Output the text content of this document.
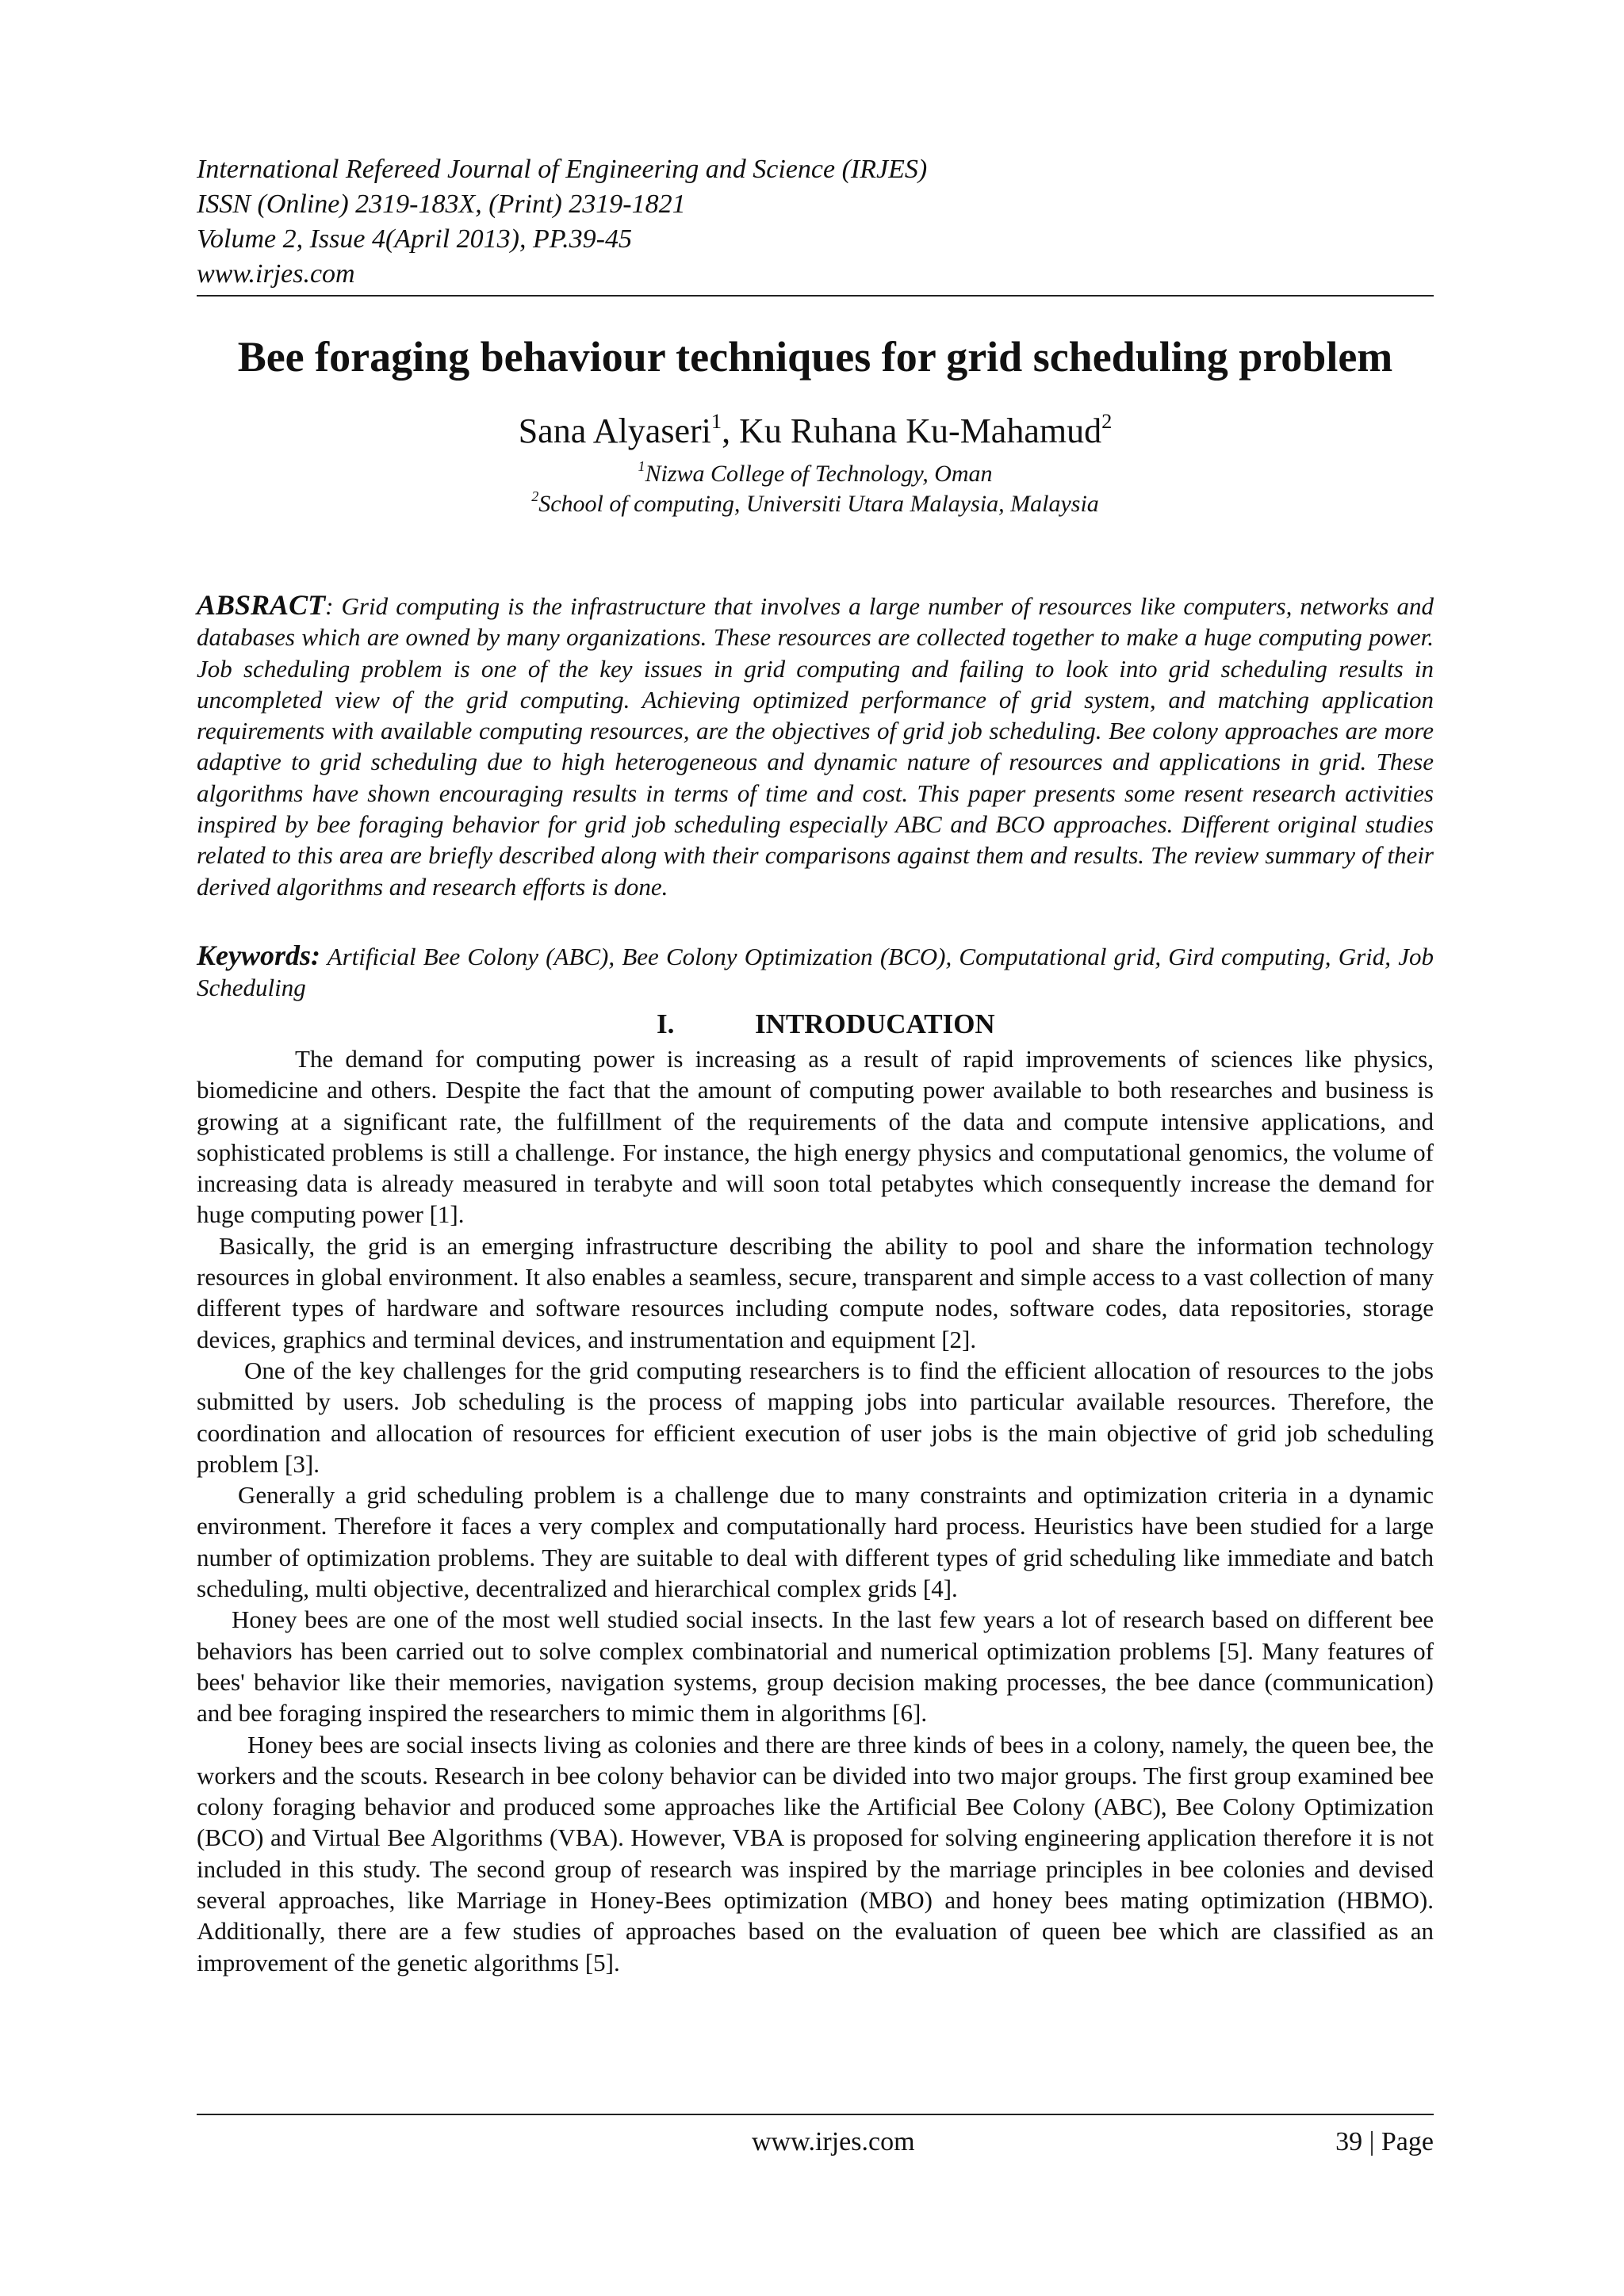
International Refereed Journal of Engineering and Science (IRJES)
ISSN (Online) 2319-183X, (Print) 2319-1821
Volume 2, Issue 4(April 2013), PP.39-45
www.irjes.com
Bee foraging behaviour techniques for grid scheduling problem
Sana Alyaseri$^1$, Ku Ruhana Ku-Mahamud$^2$
$^1$Nizwa College of Technology, Oman
$^2$School of computing, Universiti Utara Malaysia, Malaysia
ABSRACT: Grid computing is the infrastructure that involves a large number of resources like computers, networks and databases which are owned by many organizations. These resources are collected together to make a huge computing power. Job scheduling problem is one of the key issues in grid computing and failing to look into grid scheduling results in uncompleted view of the grid computing. Achieving optimized performance of grid system, and matching application requirements with available computing resources, are the objectives of grid job scheduling. Bee colony approaches are more adaptive to grid scheduling due to high heterogeneous and dynamic nature of resources and applications in grid. These algorithms have shown encouraging results in terms of time and cost. This paper presents some resent research activities inspired by bee foraging behavior for grid job scheduling especially ABC and BCO approaches. Different original studies related to this area are briefly described along with their comparisons against them and results. The review summary of their derived algorithms and research efforts is done.
Keywords: Artificial Bee Colony (ABC), Bee Colony Optimization (BCO), Computational grid, Gird computing, Grid, Job Scheduling
I.	INTRODUCATION

The demand for computing power is increasing as a result of rapid improvements of sciences like physics, biomedicine and others. Despite the fact that the amount of computing power available to both researches and business is growing at a significant rate, the fulfillment of the requirements of the data and compute intensive applications, and sophisticated problems is still a challenge. For instance, the high energy physics and computational genomics, the volume of increasing data is already measured in terabyte and will soon total petabytes which consequently increase the demand for huge computing power [1].

Basically, the grid is an emerging infrastructure describing the ability to pool and share the information technology resources in global environment. It also enables a seamless, secure, transparent and simple access to a vast collection of many different types of hardware and software resources including compute nodes, software codes, data repositories, storage devices, graphics and terminal devices, and instrumentation and equipment [2].

One of the key challenges for the grid computing researchers is to find the efficient allocation of resources to the jobs submitted by users. Job scheduling is the process of mapping jobs into particular available resources. Therefore, the coordination and allocation of resources for efficient execution of user jobs is the main objective of grid job scheduling problem [3].

Generally a grid scheduling problem is a challenge due to many constraints and optimization criteria in a dynamic environment. Therefore it faces a very complex and computationally hard process. Heuristics have been studied for a large number of optimization problems. They are suitable to deal with different types of grid scheduling like immediate and batch scheduling, multi objective, decentralized and hierarchical complex grids [4].

Honey bees are one of the most well studied social insects. In the last few years a lot of research based on different bee behaviors has been carried out to solve complex combinatorial and numerical optimization problems [5]. Many features of bees' behavior like their memories, navigation systems, group decision making processes, the bee dance (communication) and bee foraging inspired the researchers to mimic them in algorithms [6].

Honey bees are social insects living as colonies and there are three kinds of bees in a colony, namely, the queen bee, the workers and the scouts. Research in bee colony behavior can be divided into two major groups. The first group examined bee colony foraging behavior and produced some approaches like the Artificial Bee Colony (ABC), Bee Colony Optimization (BCO) and Virtual Bee Algorithms (VBA). However, VBA is proposed for solving engineering application therefore it is not included in this study. The second group of research was inspired by the marriage principles in bee colonies and devised several approaches, like Marriage in Honey-Bees optimization (MBO) and honey bees mating optimization (HBMO). Additionally, there are a few studies of approaches based on the evaluation of queen bee which are classified as an improvement of the genetic algorithms [5].

www.irjes.com	39 | Page
